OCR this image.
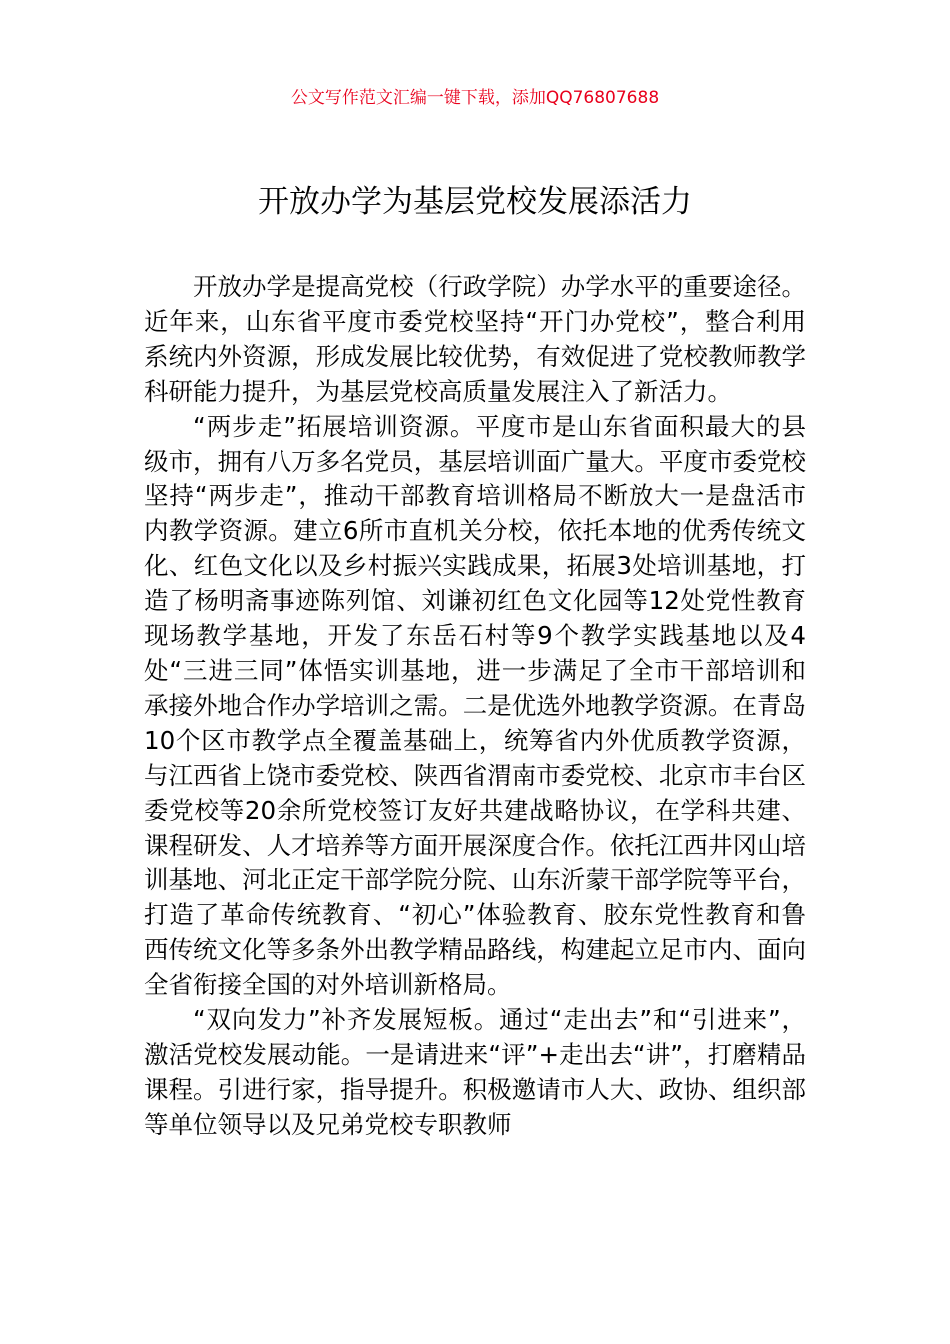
公文写作范文汇编一键下载，添加QQ76807688
开放办学为基层党校发展添活力

开放办学是提高党校（行政学院）办学水平的重要途径。近年来，山东省平度市委党校坚持“开门办党校”，整合利用系统内外资源，形成发展比较优势，有效促进了党校教师教学科研能力提升，为基层党校高质量发展注入了新活力。

“两步走”拓展培训资源。平度市是山东省面积最大的县级市，拥有八万多名党员，基层培训面广量大。平度市委党校坚持“两步走”，推动干部教育培训格局不断放大一是盘活市内教学资源。建立6所市直机关分校，依托本地的优秀传统文化、红色文化以及乡村振兴实践成果，拓展3处培训基地，打造了杨明斋事迹陈列馆、刘谦初红色文化园等12处党性教育现场教学基地，开发了东岳石村等9个教学实践基地以及4处“三进三同”体悟实训基地，进一步满足了全市干部培训和承接外地合作办学培训之需。二是优选外地教学资源。在青岛10个区市教学点全覆盖基础上，统筹省内外优质教学资源，与江西省上饶市委党校、陕西省渭南市委党校、北京市丰台区委党校等20余所党校签订友好共建战略协议，在学科共建、课程研发、人才培养等方面开展深度合作。依托江西井冈山培训基地、河北正定干部学院分院、山东沂蒙干部学院等平台，打造了革命传统教育、“初心”体验教育、胶东党性教育和鲁西传统文化等多条外出教学精品路线，构建起立足市内、面向全省衔接全国的对外培训新格局。

“双向发力”补齐发展短板。通过“走出去”和“引进来”，激活党校发展动能。一是请进来“评”+走出去“讲”，打磨精品课程。引进行家，指导提升。积极邀请市人大、政协、组织部等单位领导以及兄弟党校专职教师
